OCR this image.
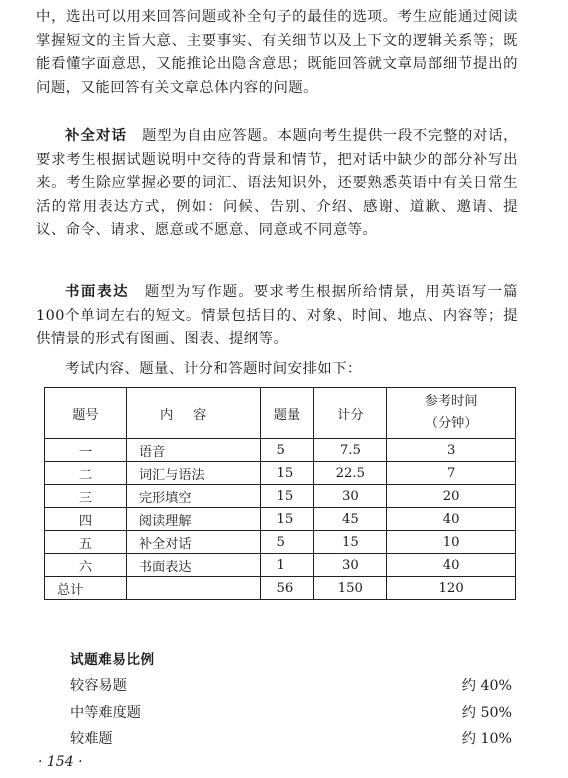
中，选出可以用来回答问题或补全句子的最佳的选项。考生应能通过阅读掌握短文的主旨大意、主要事实、有关细节以及上下文的逻辑关系等；既能看懂字面意思，又能推论出隐含意思；既能回答就文章局部细节提出的问题，又能回答有关文章总体内容的问题。

补全对话　 题型为自由应答题。本题向考生提供一段不完整的对话，要求考生根据试题说明中交待的背景和情节，把对话中缺少的部分补写出来。考生除应掌握必要的词汇、语法知识外，还要熟悉英语中有关日常生活的常用表达方式，例如：问候、告别、介绍、感谢、道歉、邀请、提议、命令、请求、愿意或不愿意、同意或不同意等。

书面表达　 题型为写作题。要求考生根据所给情景，用英语写一篇100个单词左右的短文。情景包括目的、对象、时间、地点、内容等；提供情景的形式有图画、图表、提纲等。

考试内容、题量、计分和答题时间安排如下：

题号	内容	题量	计分	参考时间
（分钟）

一	语音	5	7.5	3
二	词汇与语法	15	22.5	7
三	完形填空	15	30	20
四	阅读理解	15	45	40
五	补全对话	5	15	10
六	书面表达	1	30	40
总计		56	150	120
试题难易比例
较容易题	约 40%
中等难度题	约 50%
较难题	约 10%
· 154 ·
